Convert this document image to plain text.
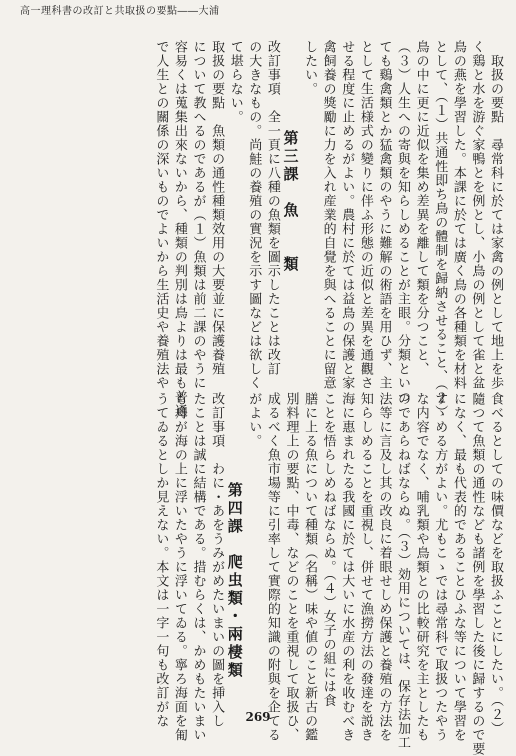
高一理科書の改訂と共取扱の要點――大浦
　取扱の要點　尋常科に於ては家禽の例として地上を歩
く鶏と水を游ぐ家鴨とを例とし、小鳥の例として雀と盆
鳥の燕を學習した。本課に於ては廣く鳥の各種類を材料
として、（１）共通性即ち鳥の體制を歸納させること、（２）
鳥の中に更に近似を集め差異を離して類を分つこと、
（３）人生への寄與を知らしめることが主眼。分類といつ
ても鷄禽類とか猛禽類のやうに難解の術語を用ひず、主
として生活様式の變りに伴ふ形態の近似と差異を通觀さ
せる程度に止めるがよい。農村に於ては益鳥の保護と家
禽飼養の獎勵に力を入れ産業的自覺を與へることに留意
したい。
　　　　　第三課　魚　　類
改訂事項　全一頁に八種の魚類を圖示したことは改訂
の大きなもの。尚鮭の養殖の實況を示す圖などは欲しく
て堪らない。
取扱の要點　魚類の通性種類效用の大要並に保護養殖
について教へるのであるが（１）魚類は前二課のやうに
容易くは蒐集出來ないから、種類の判別は鳥よりは最も普通
で人生との關係の深いものでよいから生活史や養殖法や
食べるとしての味價などを取扱ふことにしたい。（２）
隨つて魚類の通性なども諸例を學習した後に歸するので要
になく、最も代表的であることひふな等について學習を
すゝめる方がよい。尤もこゝでは尋常科で取扱つたやう
な内容でなく、哺乳類や鳥類との比較研究を主としたも
のであらねばならぬ。（３）効用については、保存法加工
法等に言及し其の改良に着眼せしめ保護と養殖の方法を
知らしめることを重視し、併せて漁撈方法の發達を説き
海に惠まれたる我國に於ては大いに水産の利を收むべき
ことを悟らしめねばならぬ。（４）女子の組には食
膳に上る魚について種類（名稱）味や値のこと新古の鑑
別料理上の要點、中毒、などのことを重視して取扱ひ、
成るべく魚市場等に引率して實際的知識の附與を企てる
がよい。
　　　　　第四課　爬虫類・兩棲類
改訂事項　わに・あをうみがめたいまいの圖を挿入し
たことは誠に結構である。措むらくは、かめもたいまい
も舟が海の上に浮いたやうに浮いてゐる。寧ろ海面を匍
うてゐるとしか見えない。本文は一字一句も改訂がな	269
